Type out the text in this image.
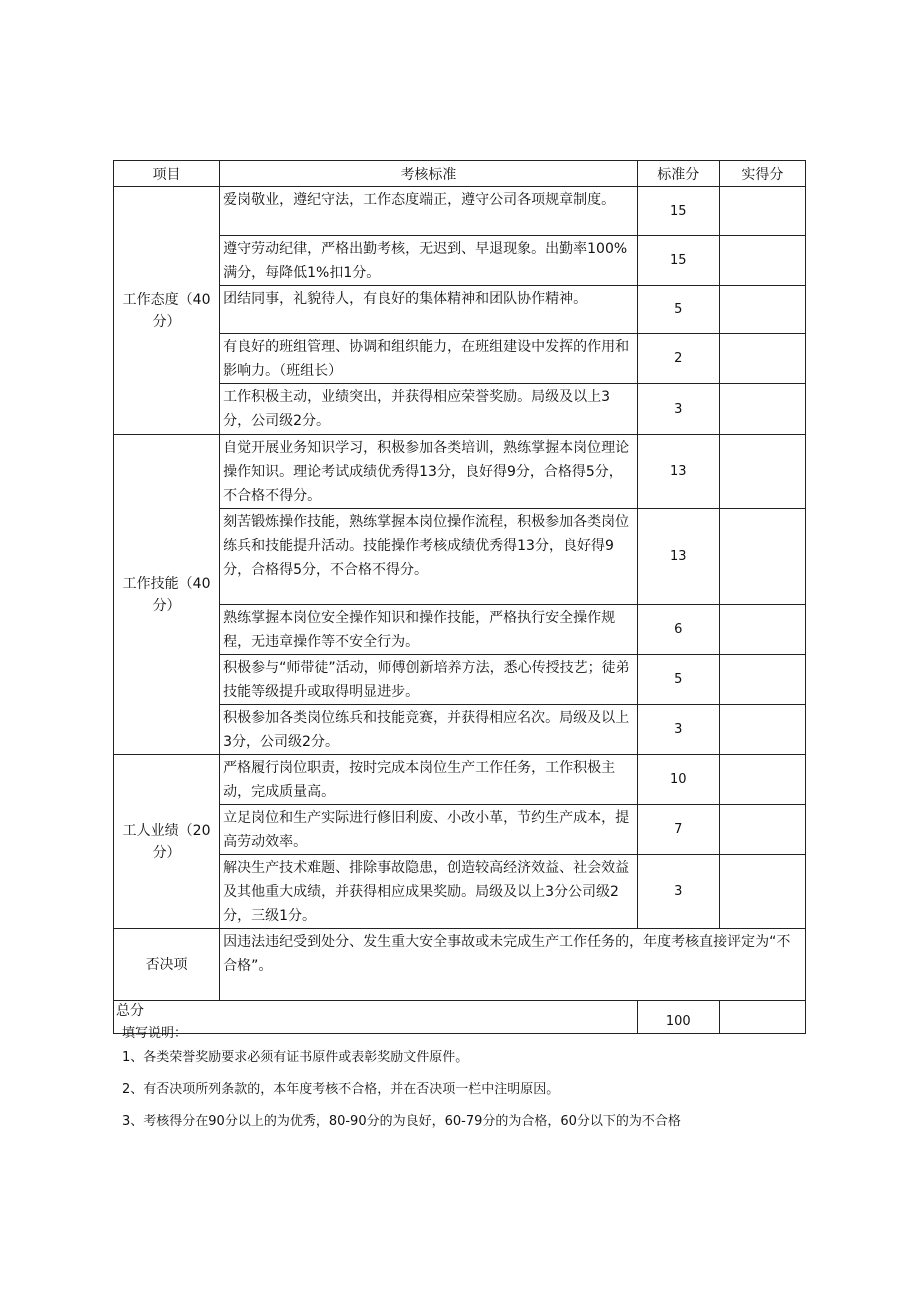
项目	考核标准	标准分	实得分
工作态度（40
分）	爱岗敬业，遵纪守法，工作态度端正，遵守公司各项规章制度。	15	
	遵守劳动纪律，严格出勤考核，无迟到、早退现象。出勤率100%满分，每降低1%扣1分。	15	
	团结同事，礼貌待人，有良好的集体精神和团队协作精神。	5	
	有良好的班组管理、协调和组织能力，在班组建设中发挥的作用和影响力。（班组长）	2	
	工作积极主动，业绩突出，并获得相应荣誉奖励。局级及以上3分，公司级2分。	3	
工作技能（40
分）	自觉开展业务知识学习，积极参加各类培训，熟练掌握本岗位理论操作知识。理论考试成绩优秀得13分，良好得9分，合格得5分，不合格不得分。	13	
	刻苦锻炼操作技能，熟练掌握本岗位操作流程，积极参加各类岗位练兵和技能提升活动。技能操作考核成绩优秀得13分，良好得9分，合格得5分，不合格不得分。	13	
	熟练掌握本岗位安全操作知识和操作技能，严格执行安全操作规程，无违章操作等不安全行为。	6	
	积极参与“师带徒”活动，师傅创新培养方法，悉心传授技艺；徒弟技能等级提升或取得明显进步。	5	
	积极参加各类岗位练兵和技能竞赛，并获得相应名次。局级及以上3分，公司级2分。	3	
工人业绩（20
分）	严格履行岗位职责，按时完成本岗位生产工作任务，工作积极主动，完成质量高。	10	
	立足岗位和生产实际进行修旧利废、小改小革，节约生产成本，提高劳动效率。	7	
	解决生产技术难题、排除事故隐患，创造较高经济效益、社会效益及其他重大成绩，并获得相应成果奖励。局级及以上3分公司级2分，三级1分。	3	
否决项	因违法违纪受到处分、发生重大安全事故或未完成生产工作任务的，年度考核直接评定为“不合格”。		
总分		100	
填写说明：
1、各类荣誉奖励要求必须有证书原件或表彰奖励文件原件。
2、有否决项所列条款的，本年度考核不合格，并在否决项一栏中注明原因。
3、考核得分在90分以上的为优秀，80-90分的为良好，60-79分的为合格，60分以下的为不合格
